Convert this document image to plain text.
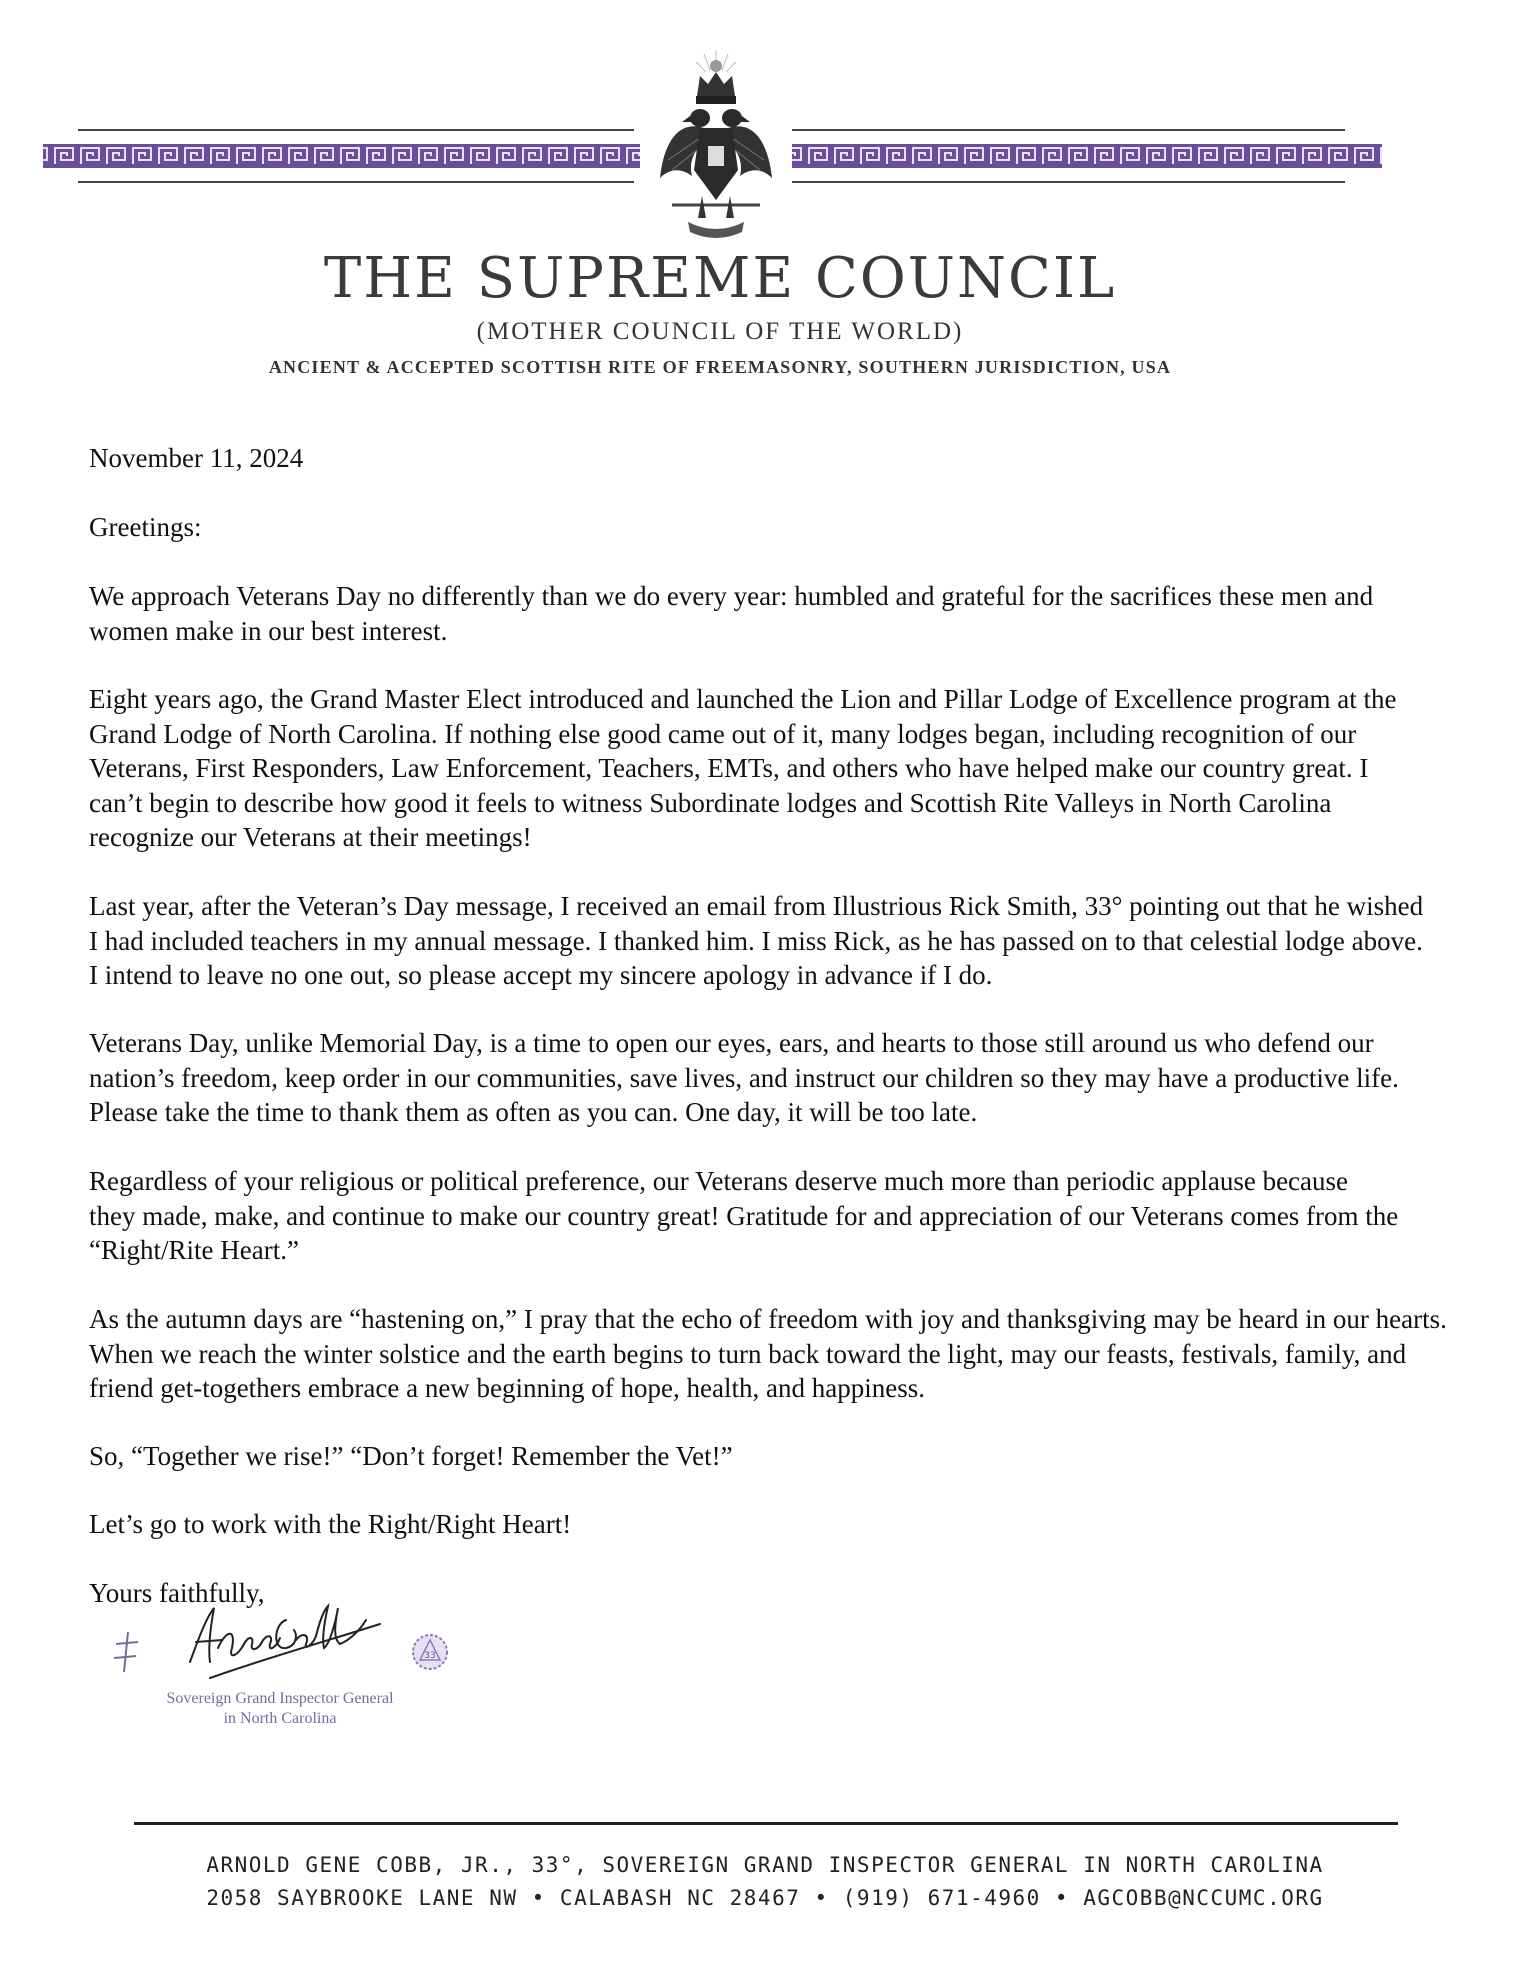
THE SUPREME COUNCIL
(MOTHER COUNCIL OF THE WORLD)
ANCIENT & ACCEPTED SCOTTISH RITE OF FREEMASONRY, SOUTHERN JURISDICTION, USA

November 11, 2024

Greetings:

We approach Veterans Day no differently than we do every year: humbled and grateful for the sacrifices these men and women make in our best interest.

Eight years ago, the Grand Master Elect introduced and launched the Lion and Pillar Lodge of Excellence program at the Grand Lodge of North Carolina. If nothing else good came out of it, many lodges began, including recognition of our Veterans, First Responders, Law Enforcement, Teachers, EMTs, and others who have helped make our country great. I can’t begin to describe how good it feels to witness Subordinate lodges and Scottish Rite Valleys in North Carolina recognize our Veterans at their meetings!

Last year, after the Veteran’s Day message, I received an email from Illustrious Rick Smith, 33° pointing out that he wished I had included teachers in my annual message. I thanked him. I miss Rick, as he has passed on to that celestial lodge above. I intend to leave no one out, so please accept my sincere apology in advance if I do.

Veterans Day, unlike Memorial Day, is a time to open our eyes, ears, and hearts to those still around us who defend our nation’s freedom, keep order in our communities, save lives, and instruct our children so they may have a productive life. Please take the time to thank them as often as you can. One day, it will be too late.

Regardless of your religious or political preference, our Veterans deserve much more than periodic applause because they made, make, and continue to make our country great! Gratitude for and appreciation of our Veterans comes from the “Right/Rite Heart.”

As the autumn days are “hastening on,” I pray that the echo of freedom with joy and thanksgiving may be heard in our hearts. When we reach the winter solstice and the earth begins to turn back toward the light, may our feasts, festivals, family, and friend get-togethers embrace a new beginning of hope, health, and happiness.

So, “Together we rise!” “Don’t forget! Remember the Vet!”

Let’s go to work with the Right/Right Heart!

Yours faithfully,

33
Sovereign Grand Inspector General
in North Carolina
ARNOLD GENE COBB, JR., 33°, SOVEREIGN GRAND INSPECTOR GENERAL IN NORTH CAROLINA
2058 SAYBROOKE LANE NW • CALABASH NC 28467 • (919) 671-4960 • AGCOBB@NCCUMC.ORG
